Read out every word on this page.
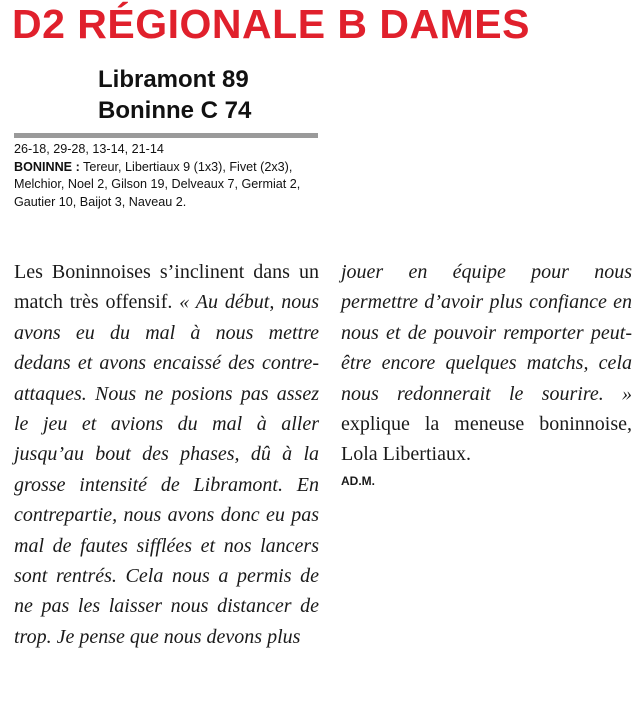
D2 RÉGIONALE B DAMES
Libramont 89
Boninne C 74
26-18, 29-28, 13-14, 21-14
BONINNE : Tereur, Libertiaux 9 (1x3), Fivet (2x3), Melchior, Noel 2, Gilson 19, Delveaux 7, Germiat 2, Gautier 10, Baijot 3, Naveau 2.
Les Boninnoises s’inclinent dans un match très offensif. « Au début, nous avons eu du mal à nous mettre dedans et avons encaissé des contre-attaques. Nous ne posions pas assez le jeu et avions du mal à aller jusqu’au bout des phases, dû à la grosse intensité de Libramont. En contrepartie, nous avons donc eu pas mal de fautes sifflées et nos lancers sont rentrés. Cela nous a permis de ne pas les laisser nous distancer de trop. Je pense que nous devons plus
jouer en équipe pour nous permettre d’avoir plus confiance en nous et de pouvoir remporter peut-être encore quelques matchs, cela nous redonnerait le sourire. » explique la meneuse boninnoise, Lola Libertiaux.
AD.M.
